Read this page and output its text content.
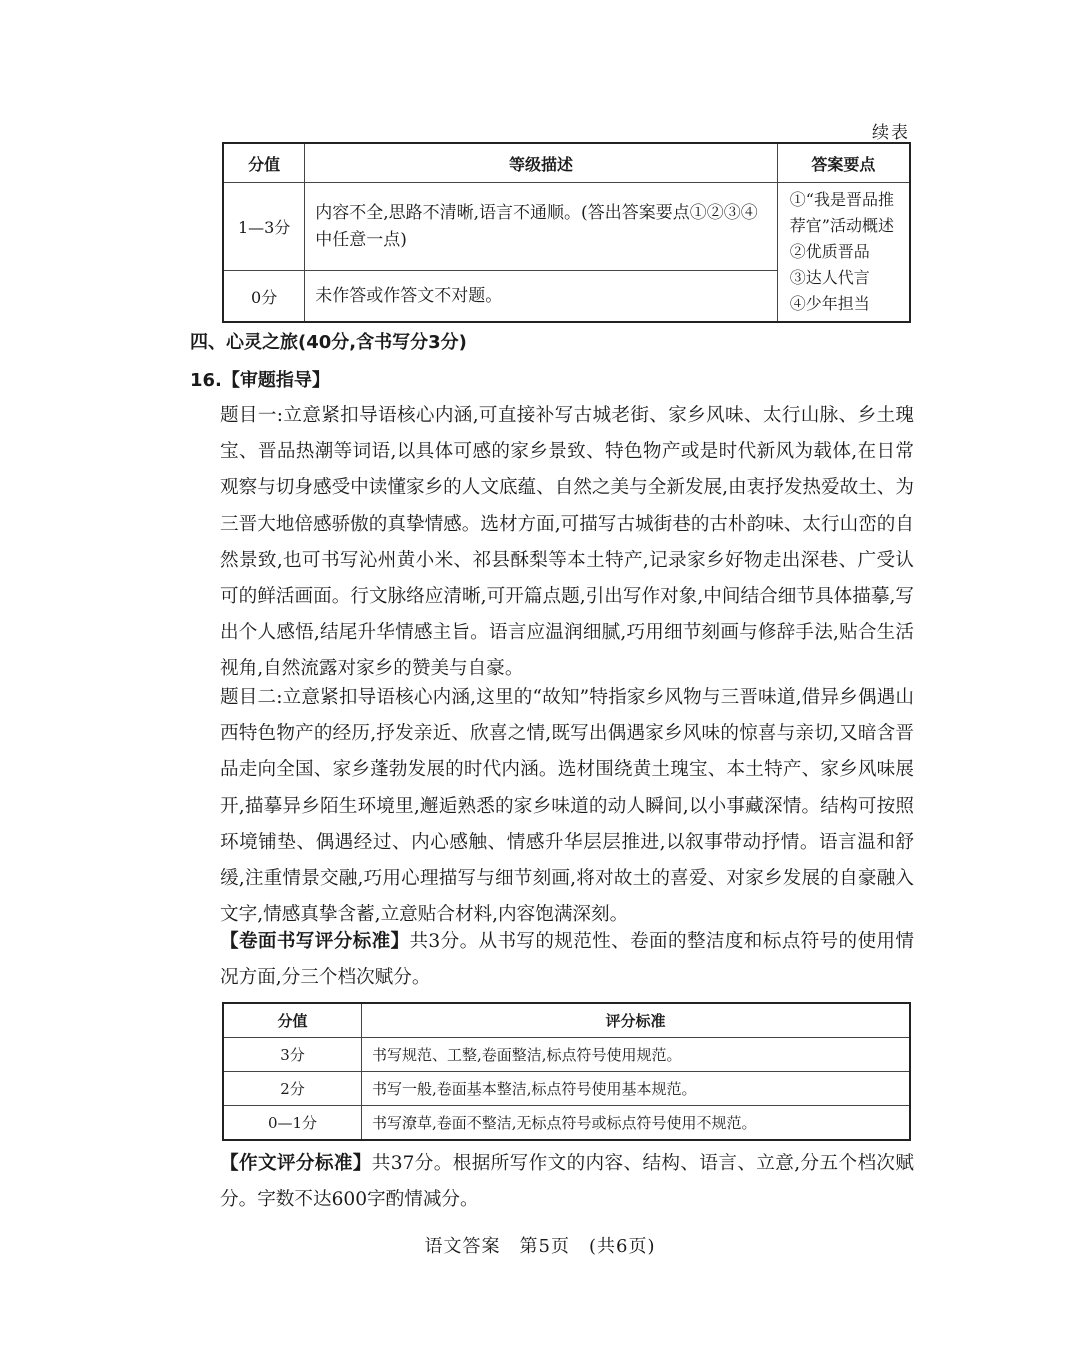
续表
分值	等级描述	答案要点
1—3分	内容不全,思路不清晰,语言不通顺。(答出答案要点①②③④中任意一点)	①“我是晋品推
荐官”活动概述
②优质晋品
③达人代言
④少年担当

0分	未作答或作答文不对题。	
四、心灵之旅(40分,含书写分3分)
16.【审题指导】
题目一:立意紧扣导语核心内涵,可直接补写古城老街、家乡风味、太行山脉、乡土瑰宝、晋品热潮等词语,以具体可感的家乡景致、特色物产或是时代新风为载体,在日常观察与切身感受中读懂家乡的人文底蕴、自然之美与全新发展,由衷抒发热爱故土、为三晋大地倍感骄傲的真挚情感。选材方面,可描写古城街巷的古朴韵味、太行山峦的自然景致,也可书写沁州黄小米、祁县酥梨等本土特产,记录家乡好物走出深巷、广受认可的鲜活画面。行文脉络应清晰,可开篇点题,引出写作对象,中间结合细节具体描摹,写出个人感悟,结尾升华情感主旨。语言应温润细腻,巧用细节刻画与修辞手法,贴合生活视角,自然流露对家乡的赞美与自豪。
题目二:立意紧扣导语核心内涵,这里的“故知”特指家乡风物与三晋味道,借异乡偶遇山西特色物产的经历,抒发亲近、欣喜之情,既写出偶遇家乡风味的惊喜与亲切,又暗含晋品走向全国、家乡蓬勃发展的时代内涵。选材围绕黄土瑰宝、本土特产、家乡风味展开,描摹异乡陌生环境里,邂逅熟悉的家乡味道的动人瞬间,以小事藏深情。结构可按照环境铺垫、偶遇经过、内心感触、情感升华层层推进,以叙事带动抒情。语言温和舒缓,注重情景交融,巧用心理描写与细节刻画,将对故土的喜爱、对家乡发展的自豪融入文字,情感真挚含蓄,立意贴合材料,内容饱满深刻。
【卷面书写评分标准】共3分。从书写的规范性、卷面的整洁度和标点符号的使用情况方面,分三个档次赋分。
分值	评分标准
3分	书写规范、工整,卷面整洁,标点符号使用规范。
2分	书写一般,卷面基本整洁,标点符号使用基本规范。
0—1分	书写潦草,卷面不整洁,无标点符号或标点符号使用不规范。
【作文评分标准】共37分。根据所写作文的内容、结构、语言、立意,分五个档次赋分。字数不达600字酌情减分。
语文答案　第5页　(共6页)
